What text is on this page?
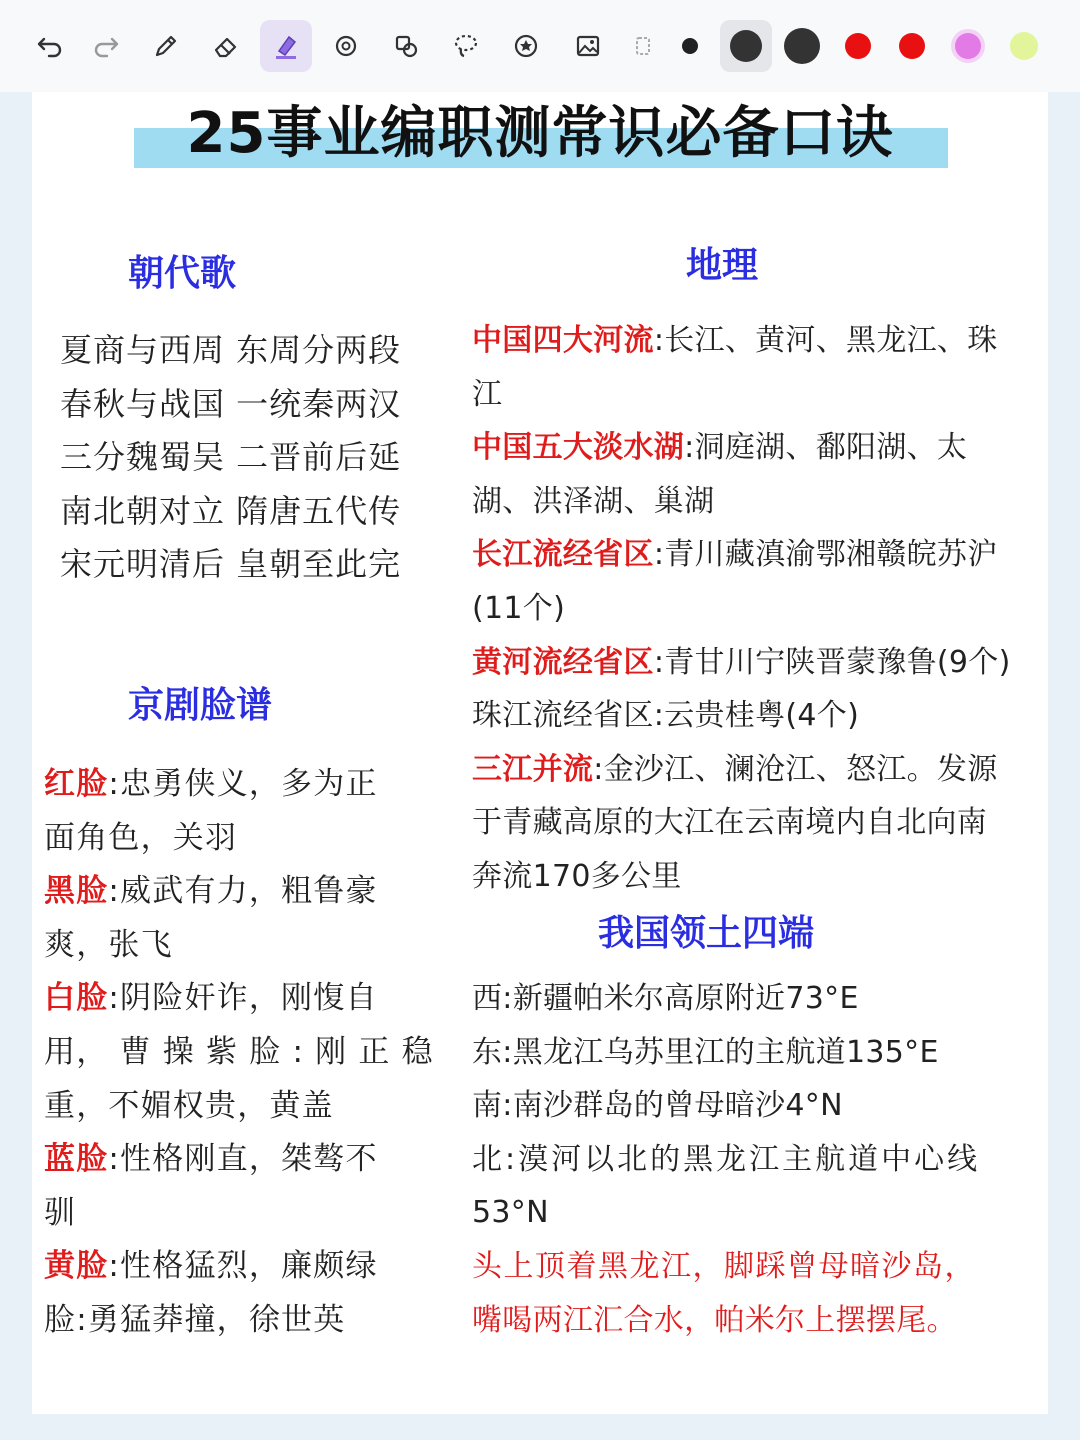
25事业编职测常识必备口诀
朝代歌
夏商与西周 东周分两段
春秋与战国 一统秦两汉
三分魏蜀吴 二晋前后延
南北朝对立 隋唐五代传
宋元明清后 皇朝至此完
京剧脸谱
红脸:忠勇侠义，多为正
面角色，关羽
黑脸:威武有力，粗鲁豪
爽，张飞
白脸:阴险奸诈，刚愎自
用， 曹 操 紫 脸 : 刚 正 稳
重，不媚权贵，黄盖
蓝脸:性格刚直，桀骜不
驯
黄脸:性格猛烈，廉颇绿
脸:勇猛莽撞，徐世英
地理
中国四大河流:长江、黄河、黑龙江、珠
江
中国五大淡水湖:洞庭湖、鄱阳湖、太
湖、洪泽湖、巢湖
长江流经省区:青川藏滇渝鄂湘赣皖苏沪
(11个)
黄河流经省区:青甘川宁陕晋蒙豫鲁(9个)
珠江流经省区:云贵桂粤(4个)
三江并流:金沙江、澜沧江、怒江。发源
于青藏高原的大江在云南境内自北向南
奔流170多公里
我国领土四端
西:新疆帕米尔高原附近73°E
东:黑龙江乌苏里江的主航道135°E
南:南沙群岛的曾母暗沙4°N
北:漠河以北的黑龙江主航道中心线
53°N
头上顶着黑龙江，脚踩曾母暗沙岛，
嘴喝两江汇合水，帕米尔上摆摆尾。
